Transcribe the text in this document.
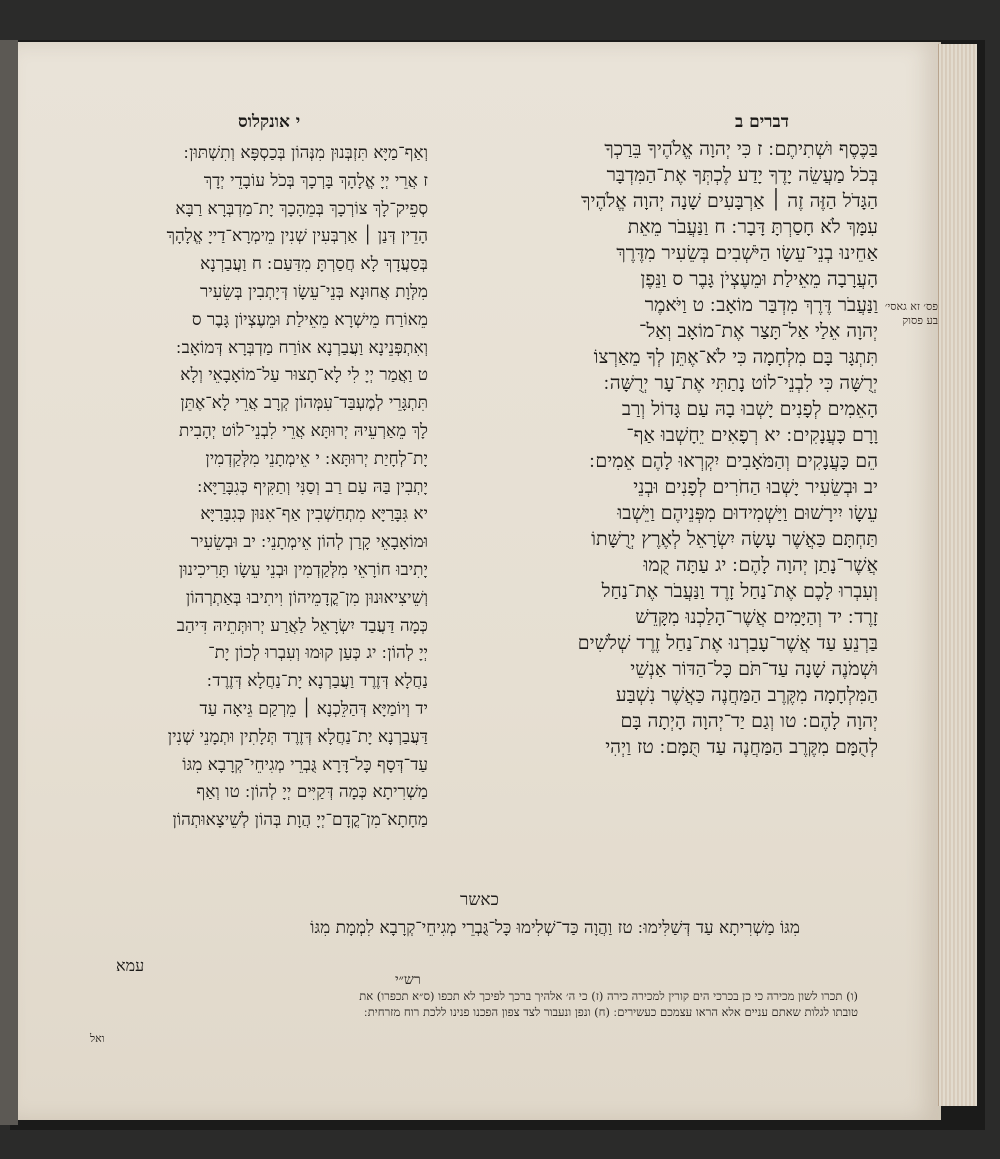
דברים ב
י אונקלוס
פס׳ זא גאסי׳ בע פסוק
בַּכֶּסֶף וּשְׁתִיתֶם ׃ ז כִּי יְהוָה אֱלֹהֶיךָ בֵּרַכְךָ
בְּכֹל מַעֲשֵׂה יָדֶךָ יָדַע לֶכְתְּךָ אֶת־הַמִּדְבָּר
הַגָּדֹל הַזֶּה זֶה ׀ אַרְבָּעִים שָׁנָה יְהוָה אֱלֹהֶיךָ
עִמָּךְ לֹא חָסַרְתָּ דָּבָר ׃ ח וַנַּעֲבֹר מֵאֵת
אַחֵינוּ בְנֵי־עֵשָׂו הַיֹּשְׁבִים בְּשֵׂעִיר מִדֶּרֶךְ
הָעֲרָבָה מֵאֵילַת וּמֵעֶצְיֹן גָּבֶר ס וַנֵּפֶן
וַנַּעֲבֹר דֶּרֶךְ מִדְבַּר מוֹאָב ׃ ט וַיֹּאמֶר
יְהוָה אֵלַי אַל־תָּצַר אֶת־מוֹאָב וְאַל־
תִּתְגָּר בָּם מִלְחָמָה כִּי לֹא־אֶתֵּן לְךָ מֵאַרְצוֹ
יְרֻשָּׁה כִּי לִבְנֵי־לוֹט נָתַתִּי אֶת־עָר יְרֻשָּׁה ׃
הָאֵמִים לְפָנִים יָשְׁבוּ בָהּ עַם גָּדוֹל וְרַב
וָרָם כָּעֲנָקִים ׃ יא רְפָאִים יֵחָשְׁבוּ אַף־
הֵם כָּעֲנָקִים וְהַמֹּאָבִים יִקְרְאוּ לָהֶם אֵמִים ׃
יב וּבְשֵׂעִיר יָשְׁבוּ הַחֹרִים לְפָנִים וּבְנֵי
עֵשָׂו יִירָשׁוּם וַיַּשְׁמִידוּם מִפְּנֵיהֶם וַיֵּשְׁבוּ
תַּחְתָּם כַּאֲשֶׁר עָשָׂה יִשְׂרָאֵל לְאֶרֶץ יְרֻשָּׁתוֹ
אֲשֶׁר־נָתַן יְהוָה לָהֶם ׃ יג עַתָּה קֻמוּ
וְעִבְרוּ לָכֶם אֶת־נַחַל זָרֶד וַנַּעֲבֹר אֶת־נַחַל
זָרֶד ׃ יד וְהַיָּמִים אֲשֶׁר־הָלַכְנוּ מִקָּדֵשׁ
בַּרְנֵעַ עַד אֲשֶׁר־עָבַרְנוּ אֶת־נַחַל זֶרֶד שְׁלֹשִׁים
וּשְׁמֹנֶה שָׁנָה עַד־תֹּם כָּל־הַדּוֹר אַנְשֵׁי
הַמִּלְחָמָה מִקֶּרֶב הַמַּחֲנֶה כַּאֲשֶׁר נִשְׁבַּע
יְהוָה לָהֶם ׃ טו וְגַם יַד־יְהוָה הָיְתָה בָּם
לְהֻמָּם מִקֶּרֶב הַמַּחֲנֶה עַד תֻּמָּם ׃ טז וַיְהִי
וְאַף־מַיָּא תִּזְבְּנוּן מִנְּהוֹן בְּכַסְפָּא וְתִשְׁתּוּן ׃
ז אֲרֵי יְיָ אֱלָהָךְ בָּרְכָךְ בְּכֹל עוֹבָדֵי יְדָךְ
סְפֵיק־לָךְ צוֹרְכָךְ בְּמֵהָכָךְ יָת־מַדְבְּרָא רַבָּא
הָדֵין דְּנַן ׀ אַרְבְּעִין שְׁנִין מֵימְרָא־דַייָ אֱלָהָךְ
בְּסַעֲדָךְ לָא חֲסַרְתָּ מִדַּעַם ׃ ח וַעֲבַרְנָא
מִלְּוָת אֲחוּנָא בְּנֵי־עֵשָׂו דְּיָתְבִין בְּשֵׂעִיר
מֵאוֹרַח מֵישְׁרָא מֵאֵילַת וּמֵעֶצְיוֹן גָּבֶר ס
וְאִתְפְּנֵינָא וַעֲבַרְנָא אוֹרַח מַדְבְּרָא דְּמוֹאָב ׃
ט וַאֲמַר יְיָ לִי לָא־תָצוּר עַל־מוֹאָבָאֵי וְלָא
תִּתְגָּרֵי לְמֶעְבַּד־עִמְּהוֹן קְרָב אֲרֵי לָא־אֶתֵּן
לָךְ מֵאַרְעֵיהּ יְרוּתָּא אֲרֵי לִבְנֵי־לוֹט יְהָבִית
יָת־לְחָיַת יְרוּתָּא ׃ י אֵימְתָנֵי מִלְּקַדְמִין
יָתְבִין בַּהּ עַם רַב וְסַנִּי וְתַקִּיף כְּגִבָּרַיָּא ׃
יא גִּבָּרַיָּא מִתְחַשְׁבִין אַף־אִנּוּן כְּגִבָּרַיָּא
וּמוֹאָבָאֵי קָרַן לְהוֹן אֵימְתָנֵי ׃ יב וּבְשֵׂעִיר
יָתִיבוּ חוֹרָאֵי מִלְּקַדְמִין וּבְנֵי עֵשָׂו תָּרִיכִינוּן
וְשֵׁיצִיאוּנוּן מִן־קֳדָמֵיהוֹן וִיתִיבוּ בְּאַתְרְהוֹן
כְּמָה דַּעֲבַד יִשְׂרָאֵל לַאֲרַע יְרוּתְּתֵיהּ דִּיהַב
יְיָ לְהוֹן ׃ יג כְּעַן קוּמוּ וְעִבְרוּ לְכוֹן יָת־
נַחֲלָא דְּזֶרֶד וַעֲבַרְנָא יָת־נַחֲלָא דְּזֶרֶד ׃
יד וְיוֹמַיָּא דְּהַלֵּכְנָא ׀ מֵרְקַם גֵּיאָה עַד
דַּעֲבַרְנָא יָת־נַחֲלָא דְּזֶרֶד תְּלָתִין וּתְמָנֵי שְׁנִין
עַד־דְּסָף כָּל־דָּרָא גֻּבְרֵי מְגִיחֵי־קְרָבָא מִגּוֹ
מַשְׁרִיתָא כְּמָה דְּקַיִּים יְיָ לְהוֹן ׃ טו וְאַף
מַחָתָא־מִן־קֳדָם־יְיָ הֲוָת בְּהוֹן לְשֵׁיצָאוּתְהוֹן
כאשר
מִגּוֹ מַשְׁרִיתָא עַד דְּשַׁלִּימוּ ׃ טז וַהֲוָה כַּד־שְׁלִימוּ כָּל־גֻּבְרֵי מְגִיחֵי־קְרָבָא לִמְמָת מִגּוֹ
עמא
רש״י
(ו) תכרו לשון מכירה כי כן בכרכי הים קורין למכירה כירה (ז) כי ה׳ אלהיך ברכך לפיכך לא תכפו (ס״א תכפרו) את
טובתו לגלות שאתם עניים אלא הראו עצמכם כעשירים ׃ (ח) ונפן ונעבור לצד צפון הפכנו פנינו ללכת רוח מזרחית ׃
ואל
